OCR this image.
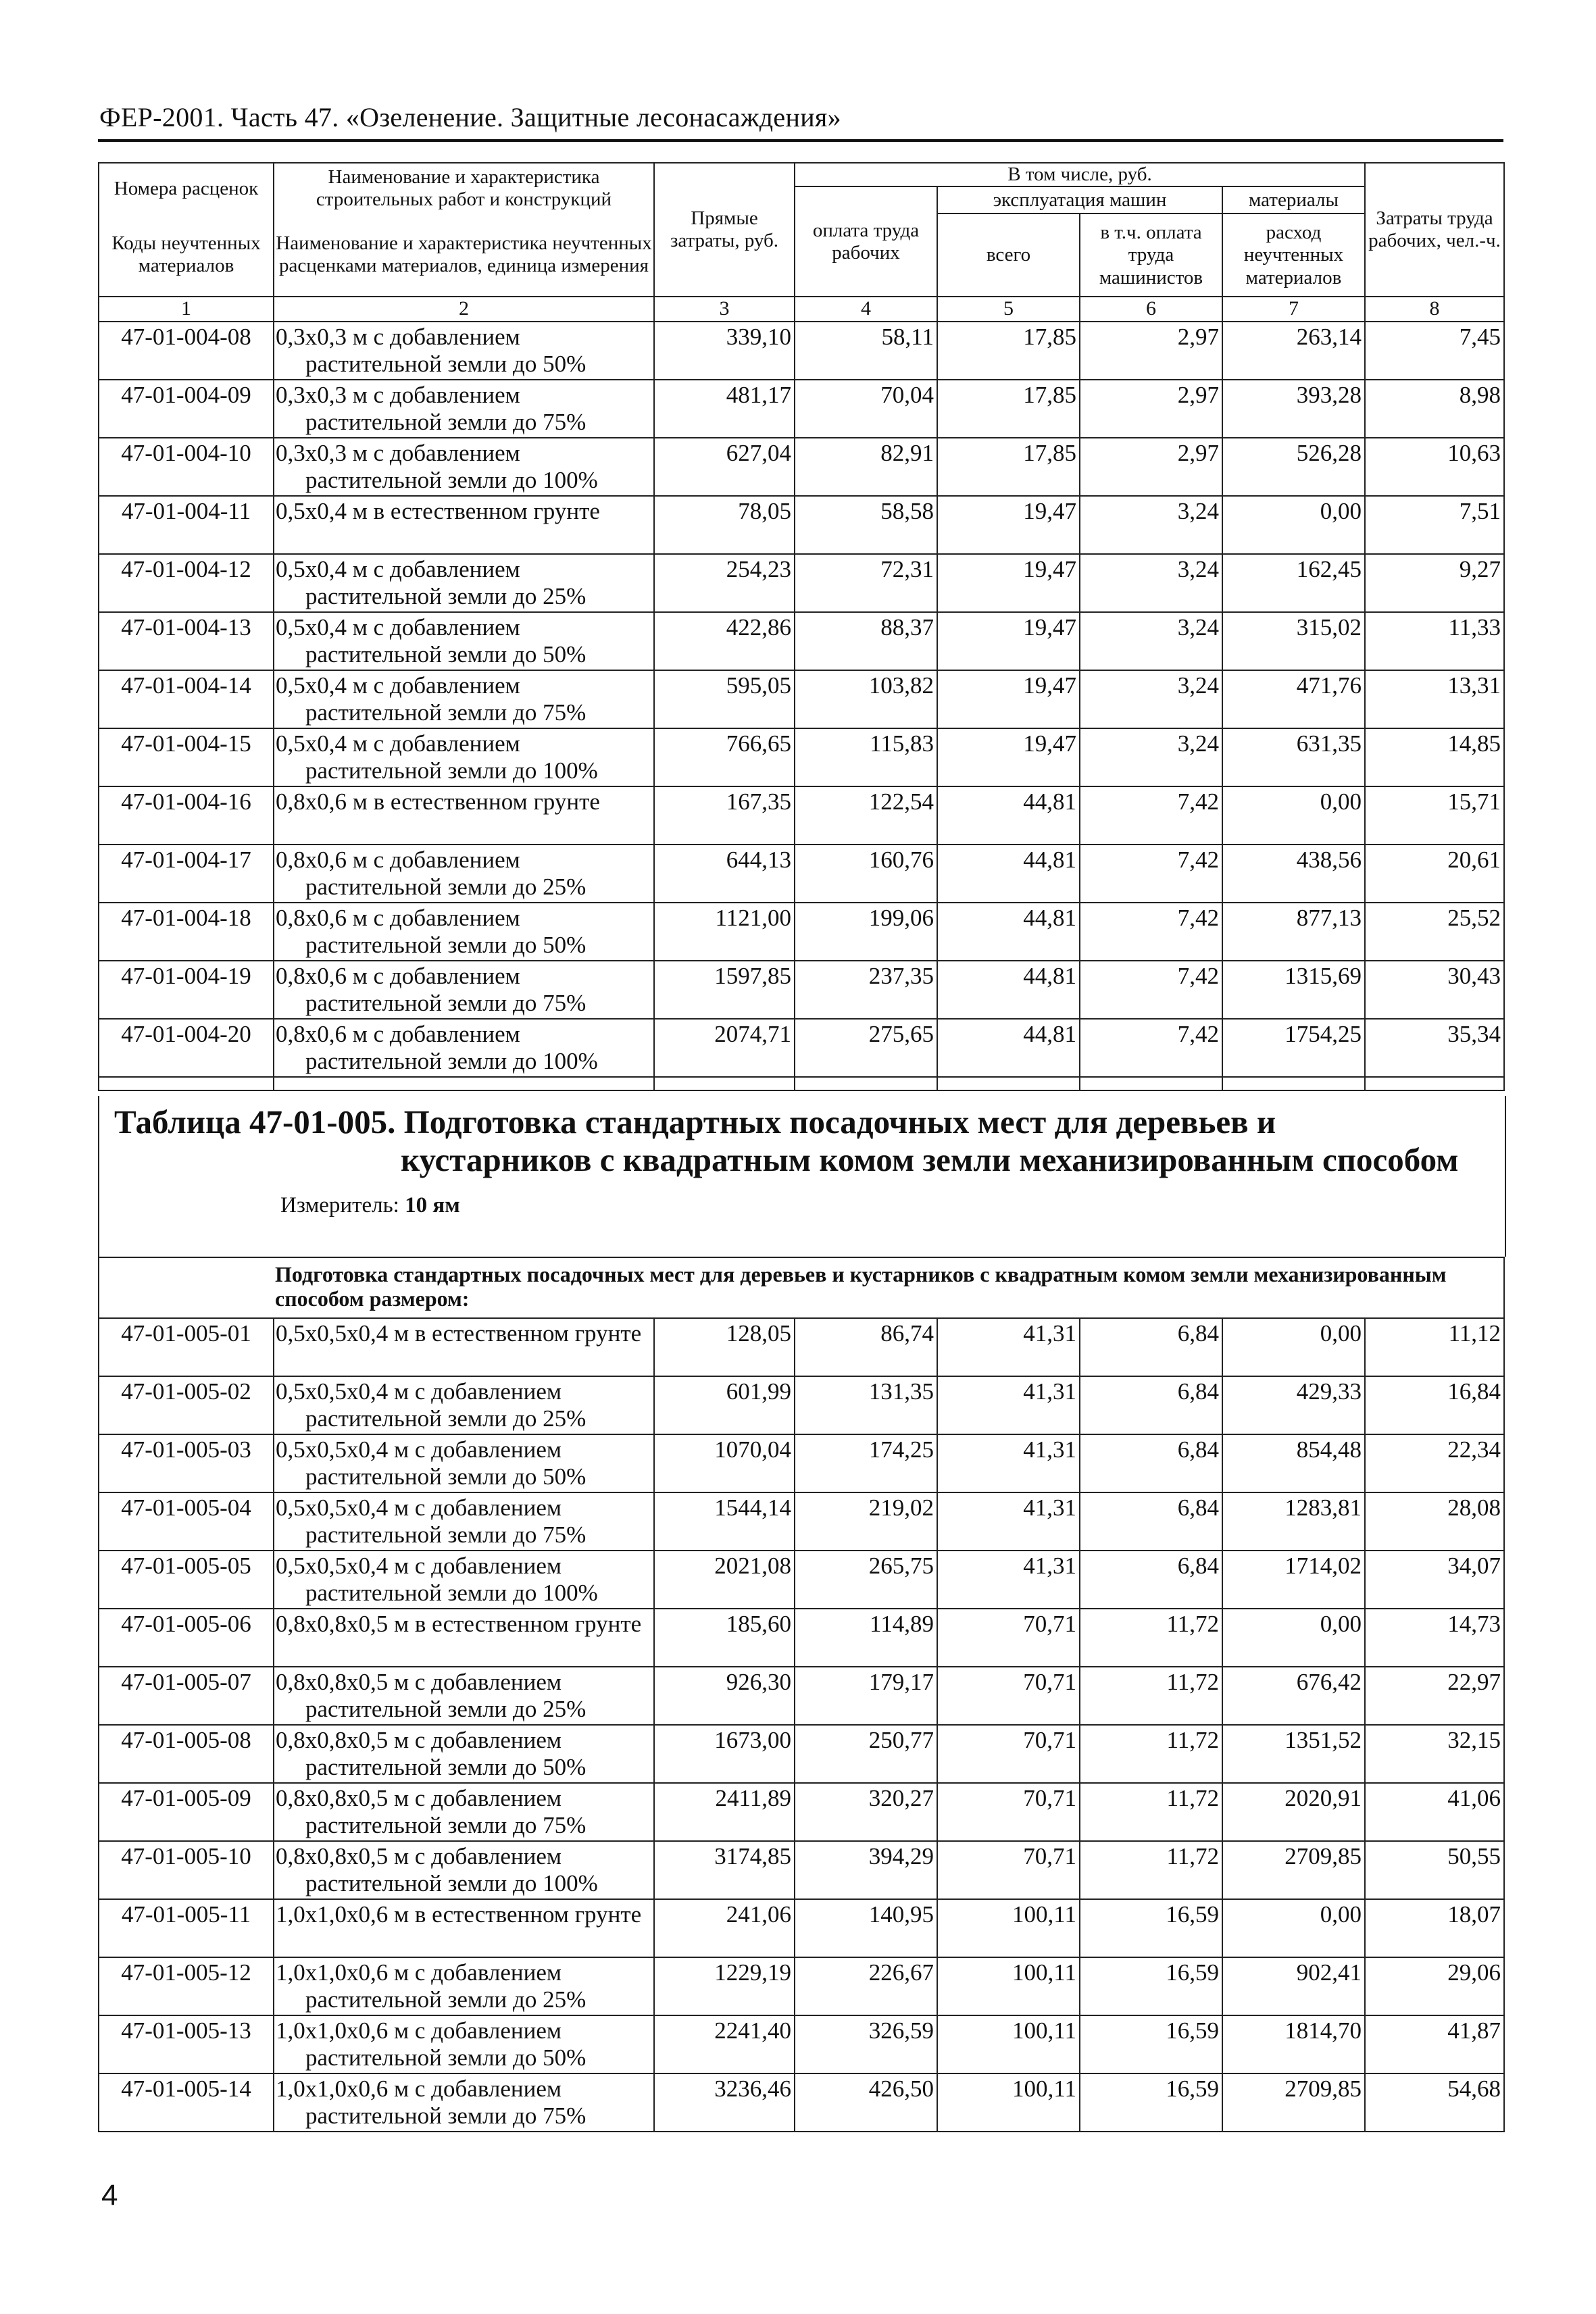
ФЕР-2001. Часть 47. «Озеленение. Защитные лесонасаждения»
Номера расценок	Наименование и характеристика строительных работ и конструкций	Прямые затраты, руб.	В том числе, руб.				Затраты труда рабочих, чел.-ч.
			оплата труда рабочих	эксплуатация машин		материалы	
Коды неучтенных материалов	Наименование и характеристика неучтенных расценками материалов, единица измерения			всего	в т.ч. оплата труда машинистов	расход неучтенных материалов	

1	2	3	4	5	6	7	8
47-01-004-08	0,3x0,3 м с добавлением растительной земли до 50%	339,10	58,11	17,85	2,97	263,14	7,45
47-01-004-09	0,3x0,3 м с добавлением растительной земли до 75%	481,17	70,04	17,85	2,97	393,28	8,98
47-01-004-10	0,3x0,3 м с добавлением растительной земли до 100%	627,04	82,91	17,85	2,97	526,28	10,63
47-01-004-11	0,5x0,4 м в естественном грунте	78,05	58,58	19,47	3,24	0,00	7,51
47-01-004-12	0,5x0,4 м с добавлением растительной земли до 25%	254,23	72,31	19,47	3,24	162,45	9,27
47-01-004-13	0,5x0,4 м с добавлением растительной земли до 50%	422,86	88,37	19,47	3,24	315,02	11,33
47-01-004-14	0,5x0,4 м с добавлением растительной земли до 75%	595,05	103,82	19,47	3,24	471,76	13,31
47-01-004-15	0,5x0,4 м с добавлением растительной земли до 100%	766,65	115,83	19,47	3,24	631,35	14,85
47-01-004-16	0,8x0,6 м в естественном грунте	167,35	122,54	44,81	7,42	0,00	15,71
47-01-004-17	0,8x0,6 м с добавлением растительной земли до 25%	644,13	160,76	44,81	7,42	438,56	20,61
47-01-004-18	0,8x0,6 м с добавлением растительной земли до 50%	1121,00	199,06	44,81	7,42	877,13	25,52
47-01-004-19	0,8x0,6 м с добавлением растительной земли до 75%	1597,85	237,35	44,81	7,42	1315,69	30,43
47-01-004-20	0,8x0,6 м с добавлением растительной земли до 100%	2074,71	275,65	44,81	7,42	1754,25	35,34

Таблица 47-01-005. Подготовка стандартных посадочных мест для деревьев и
кустарников с квадратным комом земли механизированным способом
Измеритель: 10 ям
Подготовка стандартных посадочных мест для деревьев и кустарников с квадратным комом земли механизированным способом размером:							
47-01-005-01	0,5x0,5x0,4 м в естественном грунте	128,05	86,74	41,31	6,84	0,00	11,12
47-01-005-02	0,5x0,5x0,4 м с добавлением растительной земли до 25%	601,99	131,35	41,31	6,84	429,33	16,84
47-01-005-03	0,5x0,5x0,4 м с добавлением растительной земли до 50%	1070,04	174,25	41,31	6,84	854,48	22,34
47-01-005-04	0,5x0,5x0,4 м с добавлением растительной земли до 75%	1544,14	219,02	41,31	6,84	1283,81	28,08
47-01-005-05	0,5x0,5x0,4 м с добавлением растительной земли до 100%	2021,08	265,75	41,31	6,84	1714,02	34,07
47-01-005-06	0,8x0,8x0,5 м в естественном грунте	185,60	114,89	70,71	11,72	0,00	14,73
47-01-005-07	0,8x0,8x0,5 м с добавлением растительной земли до 25%	926,30	179,17	70,71	11,72	676,42	22,97
47-01-005-08	0,8x0,8x0,5 м с добавлением растительной земли до 50%	1673,00	250,77	70,71	11,72	1351,52	32,15
47-01-005-09	0,8x0,8x0,5 м с добавлением растительной земли до 75%	2411,89	320,27	70,71	11,72	2020,91	41,06
47-01-005-10	0,8x0,8x0,5 м с добавлением растительной земли до 100%	3174,85	394,29	70,71	11,72	2709,85	50,55
47-01-005-11	1,0x1,0x0,6 м в естественном грунте	241,06	140,95	100,11	16,59	0,00	18,07
47-01-005-12	1,0x1,0x0,6 м с добавлением растительной земли до 25%	1229,19	226,67	100,11	16,59	902,41	29,06
47-01-005-13	1,0x1,0x0,6 м с добавлением растительной земли до 50%	2241,40	326,59	100,11	16,59	1814,70	41,87
47-01-005-14	1,0x1,0x0,6 м с добавлением растительной земли до 75%	3236,46	426,50	100,11	16,59	2709,85	54,68
4
